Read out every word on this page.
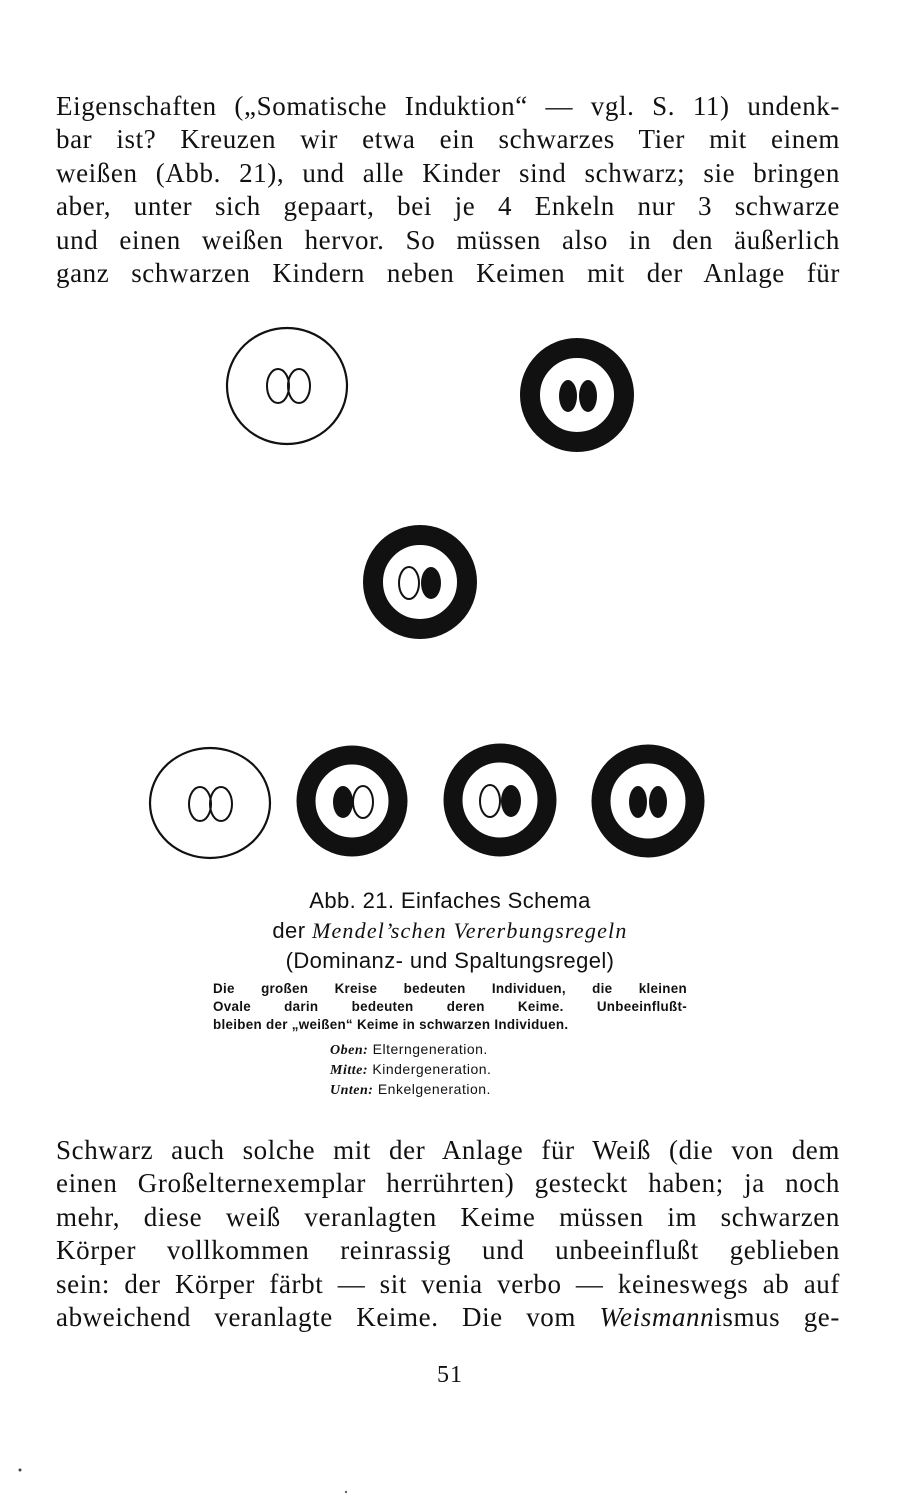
Eigenschaften („Somatische Induktion“ — vgl. S. 11) undenk-
bar ist? Kreuzen wir etwa ein schwarzes Tier mit einem
weißen (Abb. 21), und alle Kinder sind schwarz; sie bringen
aber, unter sich gepaart, bei je 4 Enkeln nur 3 schwarze
und einen weißen hervor. So müssen also in den äußerlich
ganz schwarzen Kindern neben Keimen mit der Anlage für
Abb. 21. Einfaches Schema
der Mendel’schen Vererbungsregeln
(Dominanz- und Spaltungsregel)
Die großen Kreise bedeuten Individuen, die kleinen
Ovale darin bedeuten deren Keime. Unbeeinflußt-
bleiben der „weißen“ Keime in schwarzen Individuen.
Oben: Elterngeneration.
Mitte: Kindergeneration.
Unten: Enkelgeneration.
Schwarz auch solche mit der Anlage für Weiß (die von dem
einen Großelternexemplar herrührten) gesteckt haben; ja noch
mehr, diese weiß veranlagten Keime müssen im schwarzen
Körper vollkommen reinrassig und unbeeinflußt geblieben
sein: der Körper färbt — sit venia verbo — keineswegs ab auf
abweichend veranlagte Keime. Die vom Weismannismus ge-
51
